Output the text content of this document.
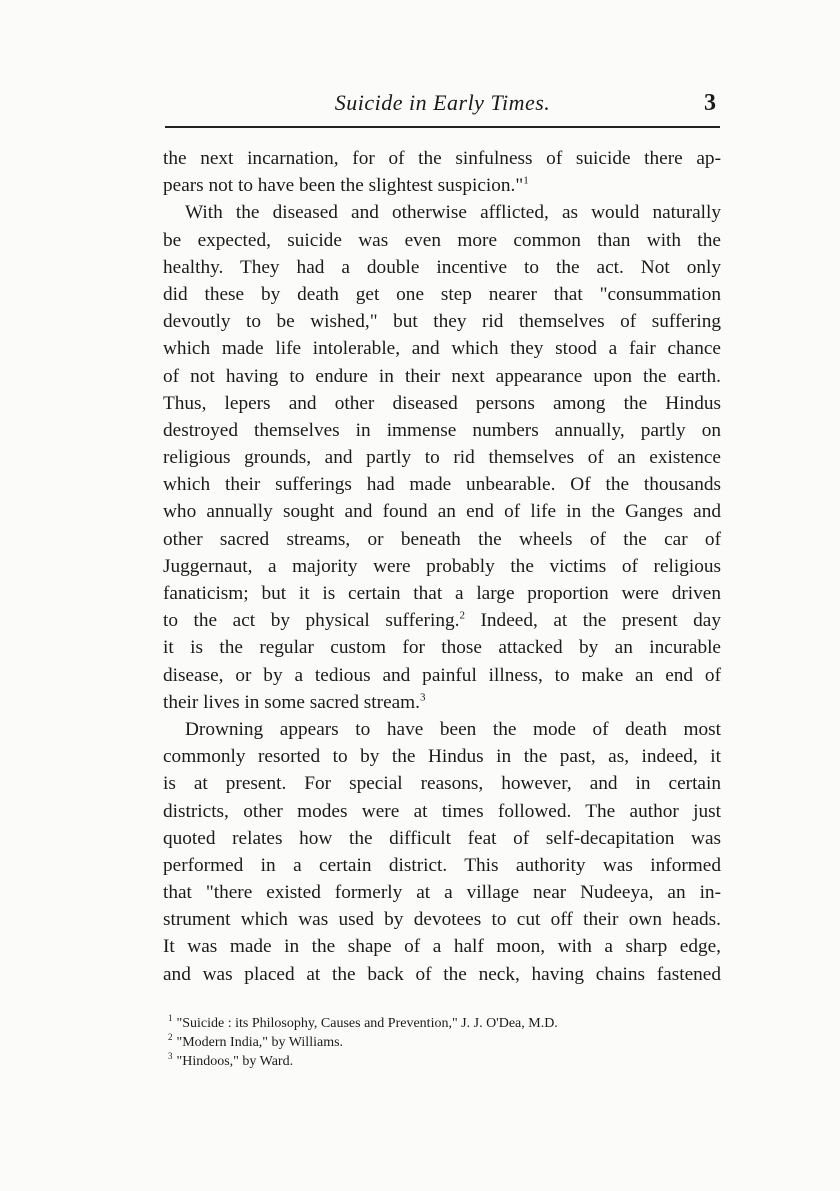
Suicide in Early Times.	3
the next incarnation, for of the sinfulness of suicide there ap-
pears not to have been the slightest suspicion."$^1$
With the diseased and otherwise afflicted, as would naturally
be expected, suicide was even more common than with the
healthy. They had a double incentive to the act. Not only
did these by death get one step nearer that "consummation
devoutly to be wished," but they rid themselves of suffering
which made life intolerable, and which they stood a fair chance
of not having to endure in their next appearance upon the earth.
Thus, lepers and other diseased persons among the Hindus
destroyed themselves in immense numbers annually, partly on
religious grounds, and partly to rid themselves of an existence
which their sufferings had made unbearable. Of the thousands
who annually sought and found an end of life in the Ganges and
other sacred streams, or beneath the wheels of the car of
Juggernaut, a majority were probably the victims of religious
fanaticism; but it is certain that a large proportion were driven
to the act by physical suffering.$^2$ Indeed, at the present day
it is the regular custom for those attacked by an incurable
disease, or by a tedious and painful illness, to make an end of
their lives in some sacred stream.$^3$
Drowning appears to have been the mode of death most
commonly resorted to by the Hindus in the past, as, indeed, it
is at present. For special reasons, however, and in certain
districts, other modes were at times followed. The author just
quoted relates how the difficult feat of self-decapitation was
performed in a certain district. This authority was informed
that "there existed formerly at a village near Nudeeya, an in-
strument which was used by devotees to cut off their own heads.
It was made in the shape of a half moon, with a sharp edge,
and was placed at the back of the neck, having chains fastened
$^1$ "Suicide : its Philosophy, Causes and Prevention," J. J. O'Dea, M.D.
$^2$ "Modern India," by Williams.
$^3$ "Hindoos," by Ward.
